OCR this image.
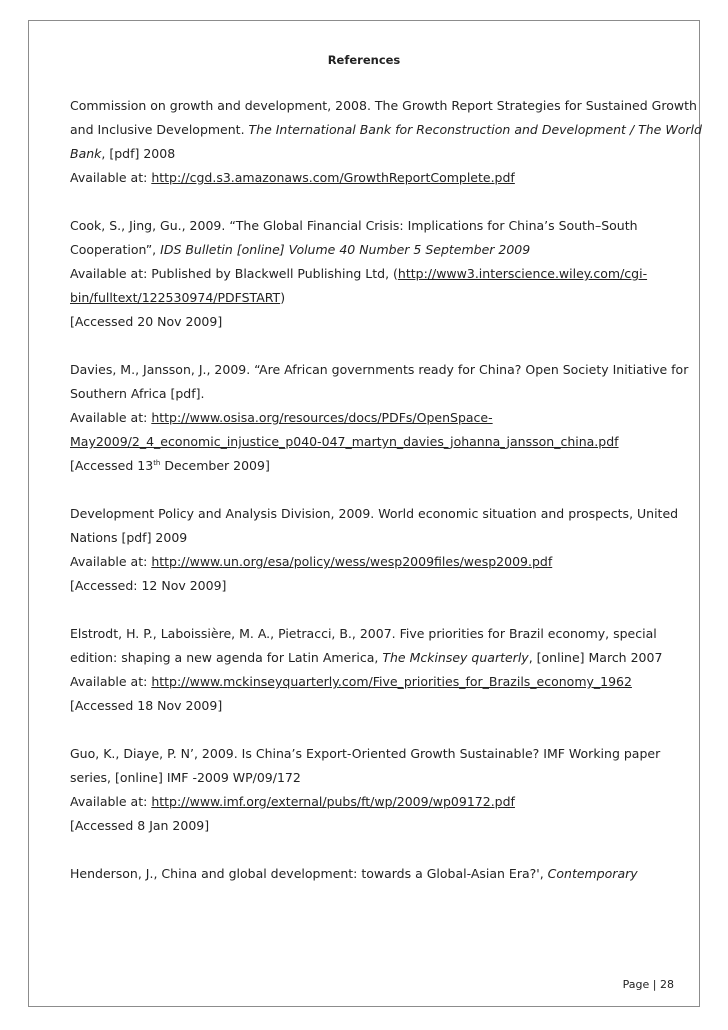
References
Commission on growth and development, 2008. The Growth Report Strategies for Sustained Growth
and Inclusive Development. The International Bank for Reconstruction and Development / The World
Bank, [pdf] 2008
Available at: http://cgd.s3.amazonaws.com/GrowthReportComplete.pdf
Cook, S., Jing, Gu., 2009. “The Global Financial Crisis: Implications for China’s South–South
Cooperation”, IDS Bulletin [online] Volume 40 Number 5 September 2009
Available at: Published by Blackwell Publishing Ltd, (http://www3.interscience.wiley.com/cgi-
bin/fulltext/122530974/PDFSTART)
[Accessed 20 Nov 2009]
Davies, M., Jansson, J., 2009. “Are African governments ready for China? Open Society Initiative for
Southern Africa [pdf].
Available at: http://www.osisa.org/resources/docs/PDFs/OpenSpace-
May2009/2_4_economic_injustice_p040-047_martyn_davies_johanna_jansson_china.pdf
[Accessed 13th December 2009]
Development Policy and Analysis Division, 2009. World economic situation and prospects, United
Nations [pdf] 2009
Available at: http://www.un.org/esa/policy/wess/wesp2009files/wesp2009.pdf
[Accessed: 12 Nov 2009]
Elstrodt, H. P., Laboissière, M. A., Pietracci, B., 2007. Five priorities for Brazil economy, special
edition: shaping a new agenda for Latin America, The Mckinsey quarterly, [online] March 2007
Available at: http://www.mckinseyquarterly.com/Five_priorities_for_Brazils_economy_1962
[Accessed 18 Nov 2009]
Guo, K., Diaye, P. N’, 2009. Is China’s Export-Oriented Growth Sustainable? IMF Working paper
series, [online] IMF -2009 WP/09/172
Available at: http://www.imf.org/external/pubs/ft/wp/2009/wp09172.pdf
[Accessed 8 Jan 2009]
Henderson, J., China and global development: towards a Global-Asian Era?', Contemporary
Page | 28
